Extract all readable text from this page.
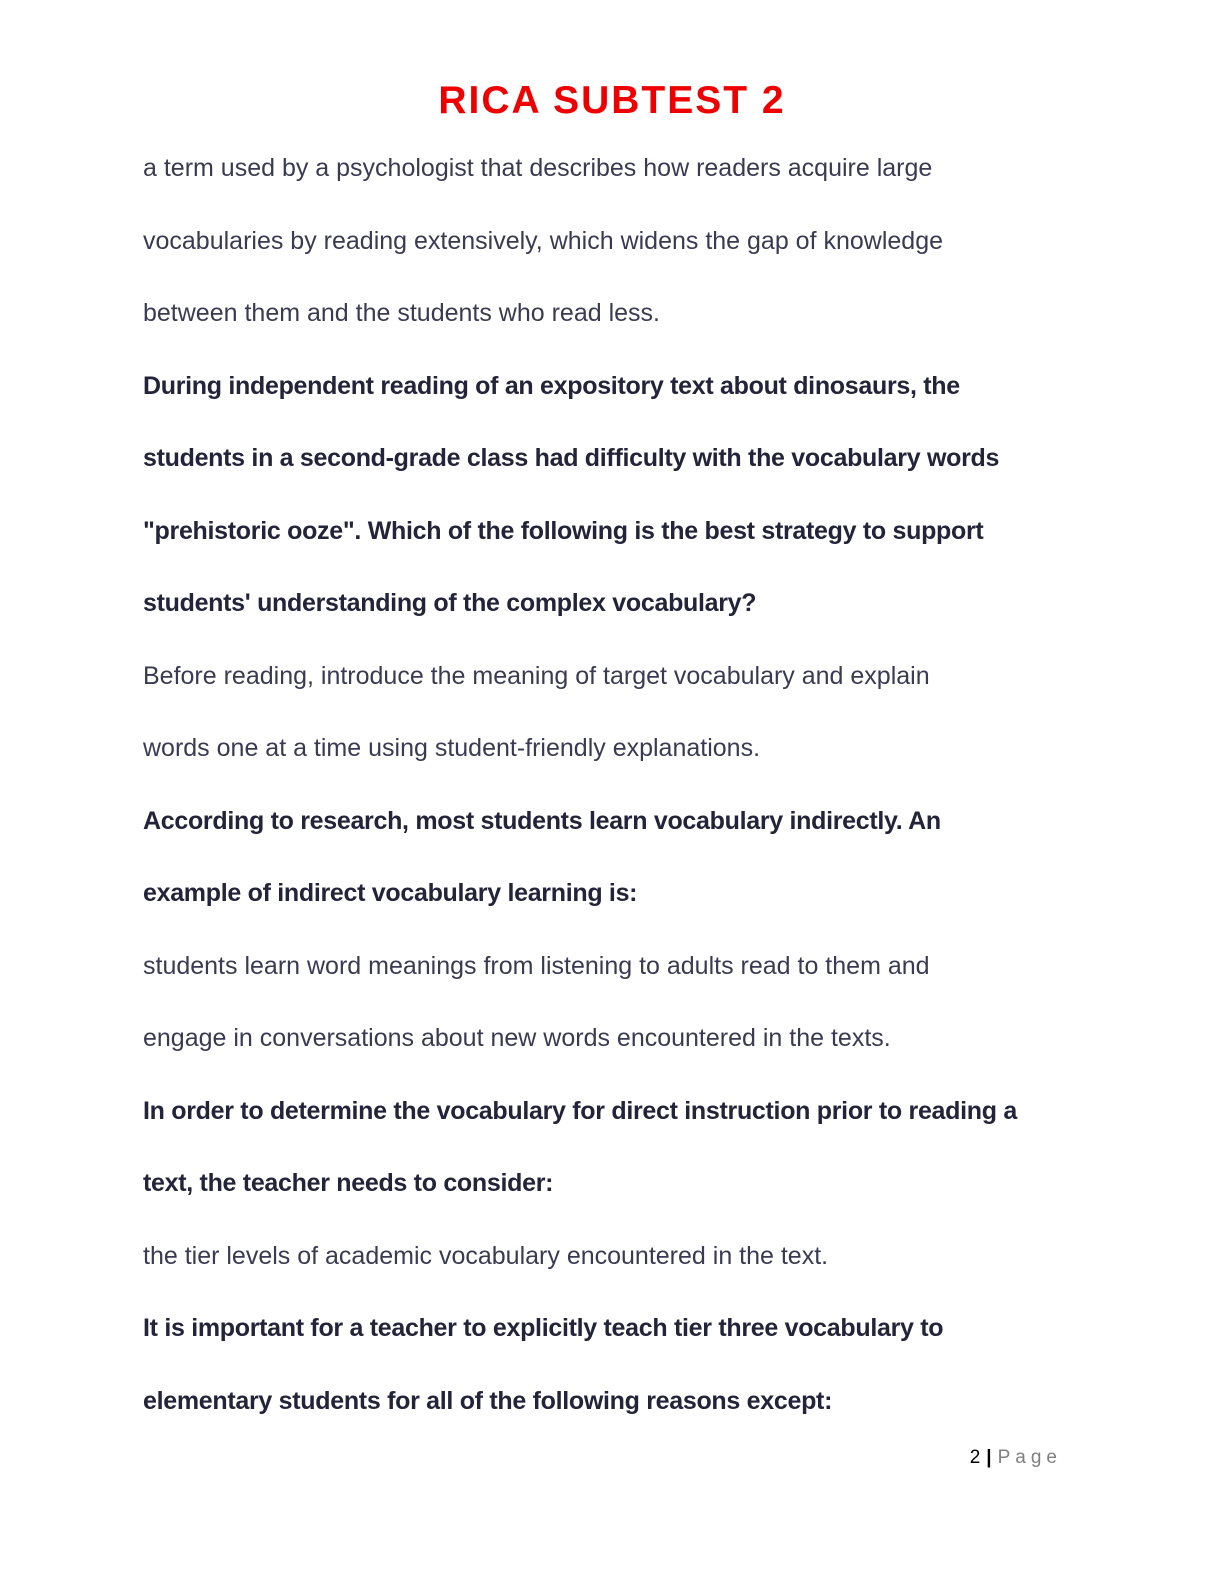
RICA SUBTEST 2

a term used by a psychologist that describes how readers acquire large
vocabularies by reading extensively, which widens the gap of knowledge
between them and the students who read less.

During independent reading of an expository text about dinosaurs, the
students in a second-grade class had difficulty with the vocabulary words
"prehistoric ooze". Which of the following is the best strategy to support
students' understanding of the complex vocabulary?

Before reading, introduce the meaning of target vocabulary and explain
words one at a time using student-friendly explanations.

According to research, most students learn vocabulary indirectly. An
example of indirect vocabulary learning is:

students learn word meanings from listening to adults read to them and
engage in conversations about new words encountered in the texts.

In order to determine the vocabulary for direct instruction prior to reading a
text, the teacher needs to consider:

the tier levels of academic vocabulary encountered in the text.

It is important for a teacher to explicitly teach tier three vocabulary to
elementary students for all of the following reasons except:

2 | Page
